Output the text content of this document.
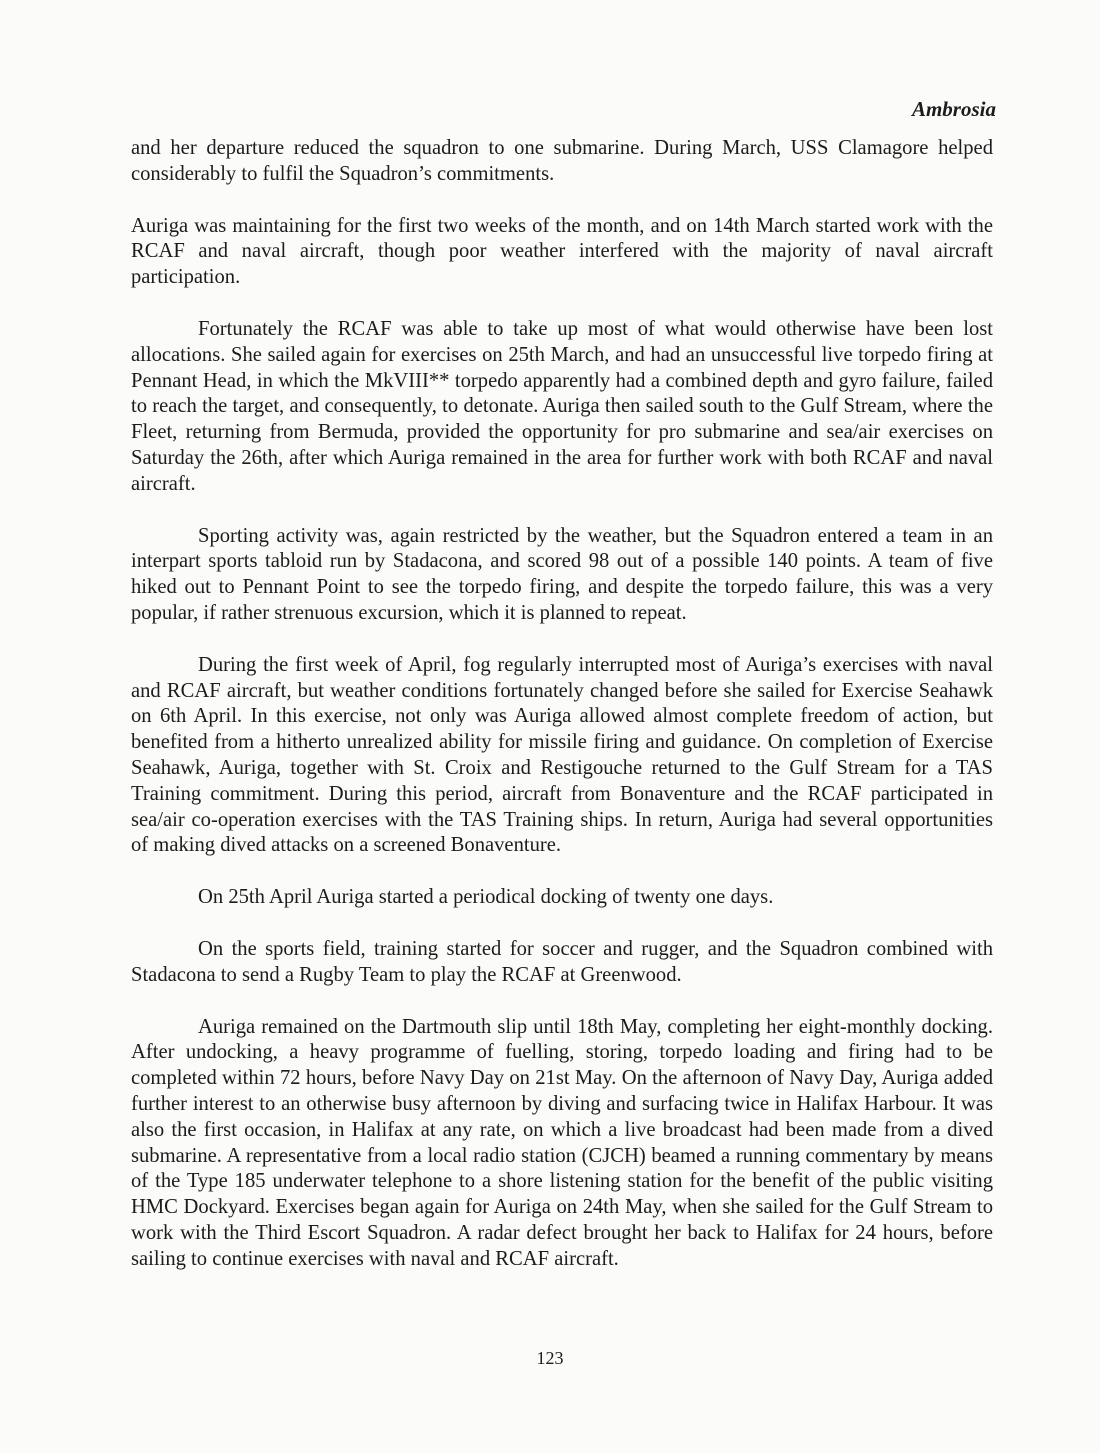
Ambrosia

and her departure reduced the squadron to one submarine. During March, USS Clamagore helped considerably to fulfil the Squadron’s commitments.

Auriga was maintaining for the first two weeks of the month, and on 14th March started work with the RCAF and naval aircraft, though poor weather interfered with the majority of naval aircraft participation.

Fortunately the RCAF was able to take up most of what would otherwise have been lost allocations. She sailed again for exercises on 25th March, and had an unsuccessful live torpedo firing at Pennant Head, in which the MkVIII** torpedo apparently had a combined depth and gyro failure, failed to reach the target, and consequently, to detonate. Auriga then sailed south to the Gulf Stream, where the Fleet, returning from Bermuda, provided the opportunity for pro submarine and sea/air exercises on Saturday the 26th, after which Auriga remained in the area for further work with both RCAF and naval aircraft.

Sporting activity was, again restricted by the weather, but the Squadron entered a team in an interpart sports tabloid run by Stadacona, and scored 98 out of a possible 140 points. A team of five hiked out to Pennant Point to see the torpedo firing, and despite the torpedo failure, this was a very popular, if rather strenuous excursion, which it is planned to repeat.

During the first week of April, fog regularly interrupted most of Auriga’s exercises with naval and RCAF aircraft, but weather conditions fortunately changed before she sailed for Exercise Seahawk on 6th April. In this exercise, not only was Auriga allowed almost complete freedom of action, but benefited from a hitherto unrealized ability for missile firing and guidance. On completion of Exercise Seahawk, Auriga, together with St. Croix and Restigouche returned to the Gulf Stream for a TAS Training commitment. During this period, aircraft from Bonaventure and the RCAF participated in sea/air co-operation exercises with the TAS Training ships. In return, Auriga had several opportunities of making dived attacks on a screened Bonaventure.

On 25th April Auriga started a periodical docking of twenty one days.

On the sports field, training started for soccer and rugger, and the Squadron combined with Stadacona to send a Rugby Team to play the RCAF at Greenwood.

Auriga remained on the Dartmouth slip until 18th May, completing her eight-monthly docking. After undocking, a heavy programme of fuelling, storing, torpedo loading and firing had to be completed within 72 hours, before Navy Day on 21st May. On the afternoon of Navy Day, Auriga added further interest to an otherwise busy afternoon by diving and surfacing twice in Halifax Harbour. It was also the first occasion, in Halifax at any rate, on which a live broadcast had been made from a dived submarine. A representative from a local radio station (CJCH) beamed a running commentary by means of the Type 185 underwater telephone to a shore listening station for the benefit of the public visiting HMC Dockyard. Exercises began again for Auriga on 24th May, when she sailed for the Gulf Stream to work with the Third Escort Squadron. A radar defect brought her back to Halifax for 24 hours, before sailing to continue exercises with naval and RCAF aircraft.

123
